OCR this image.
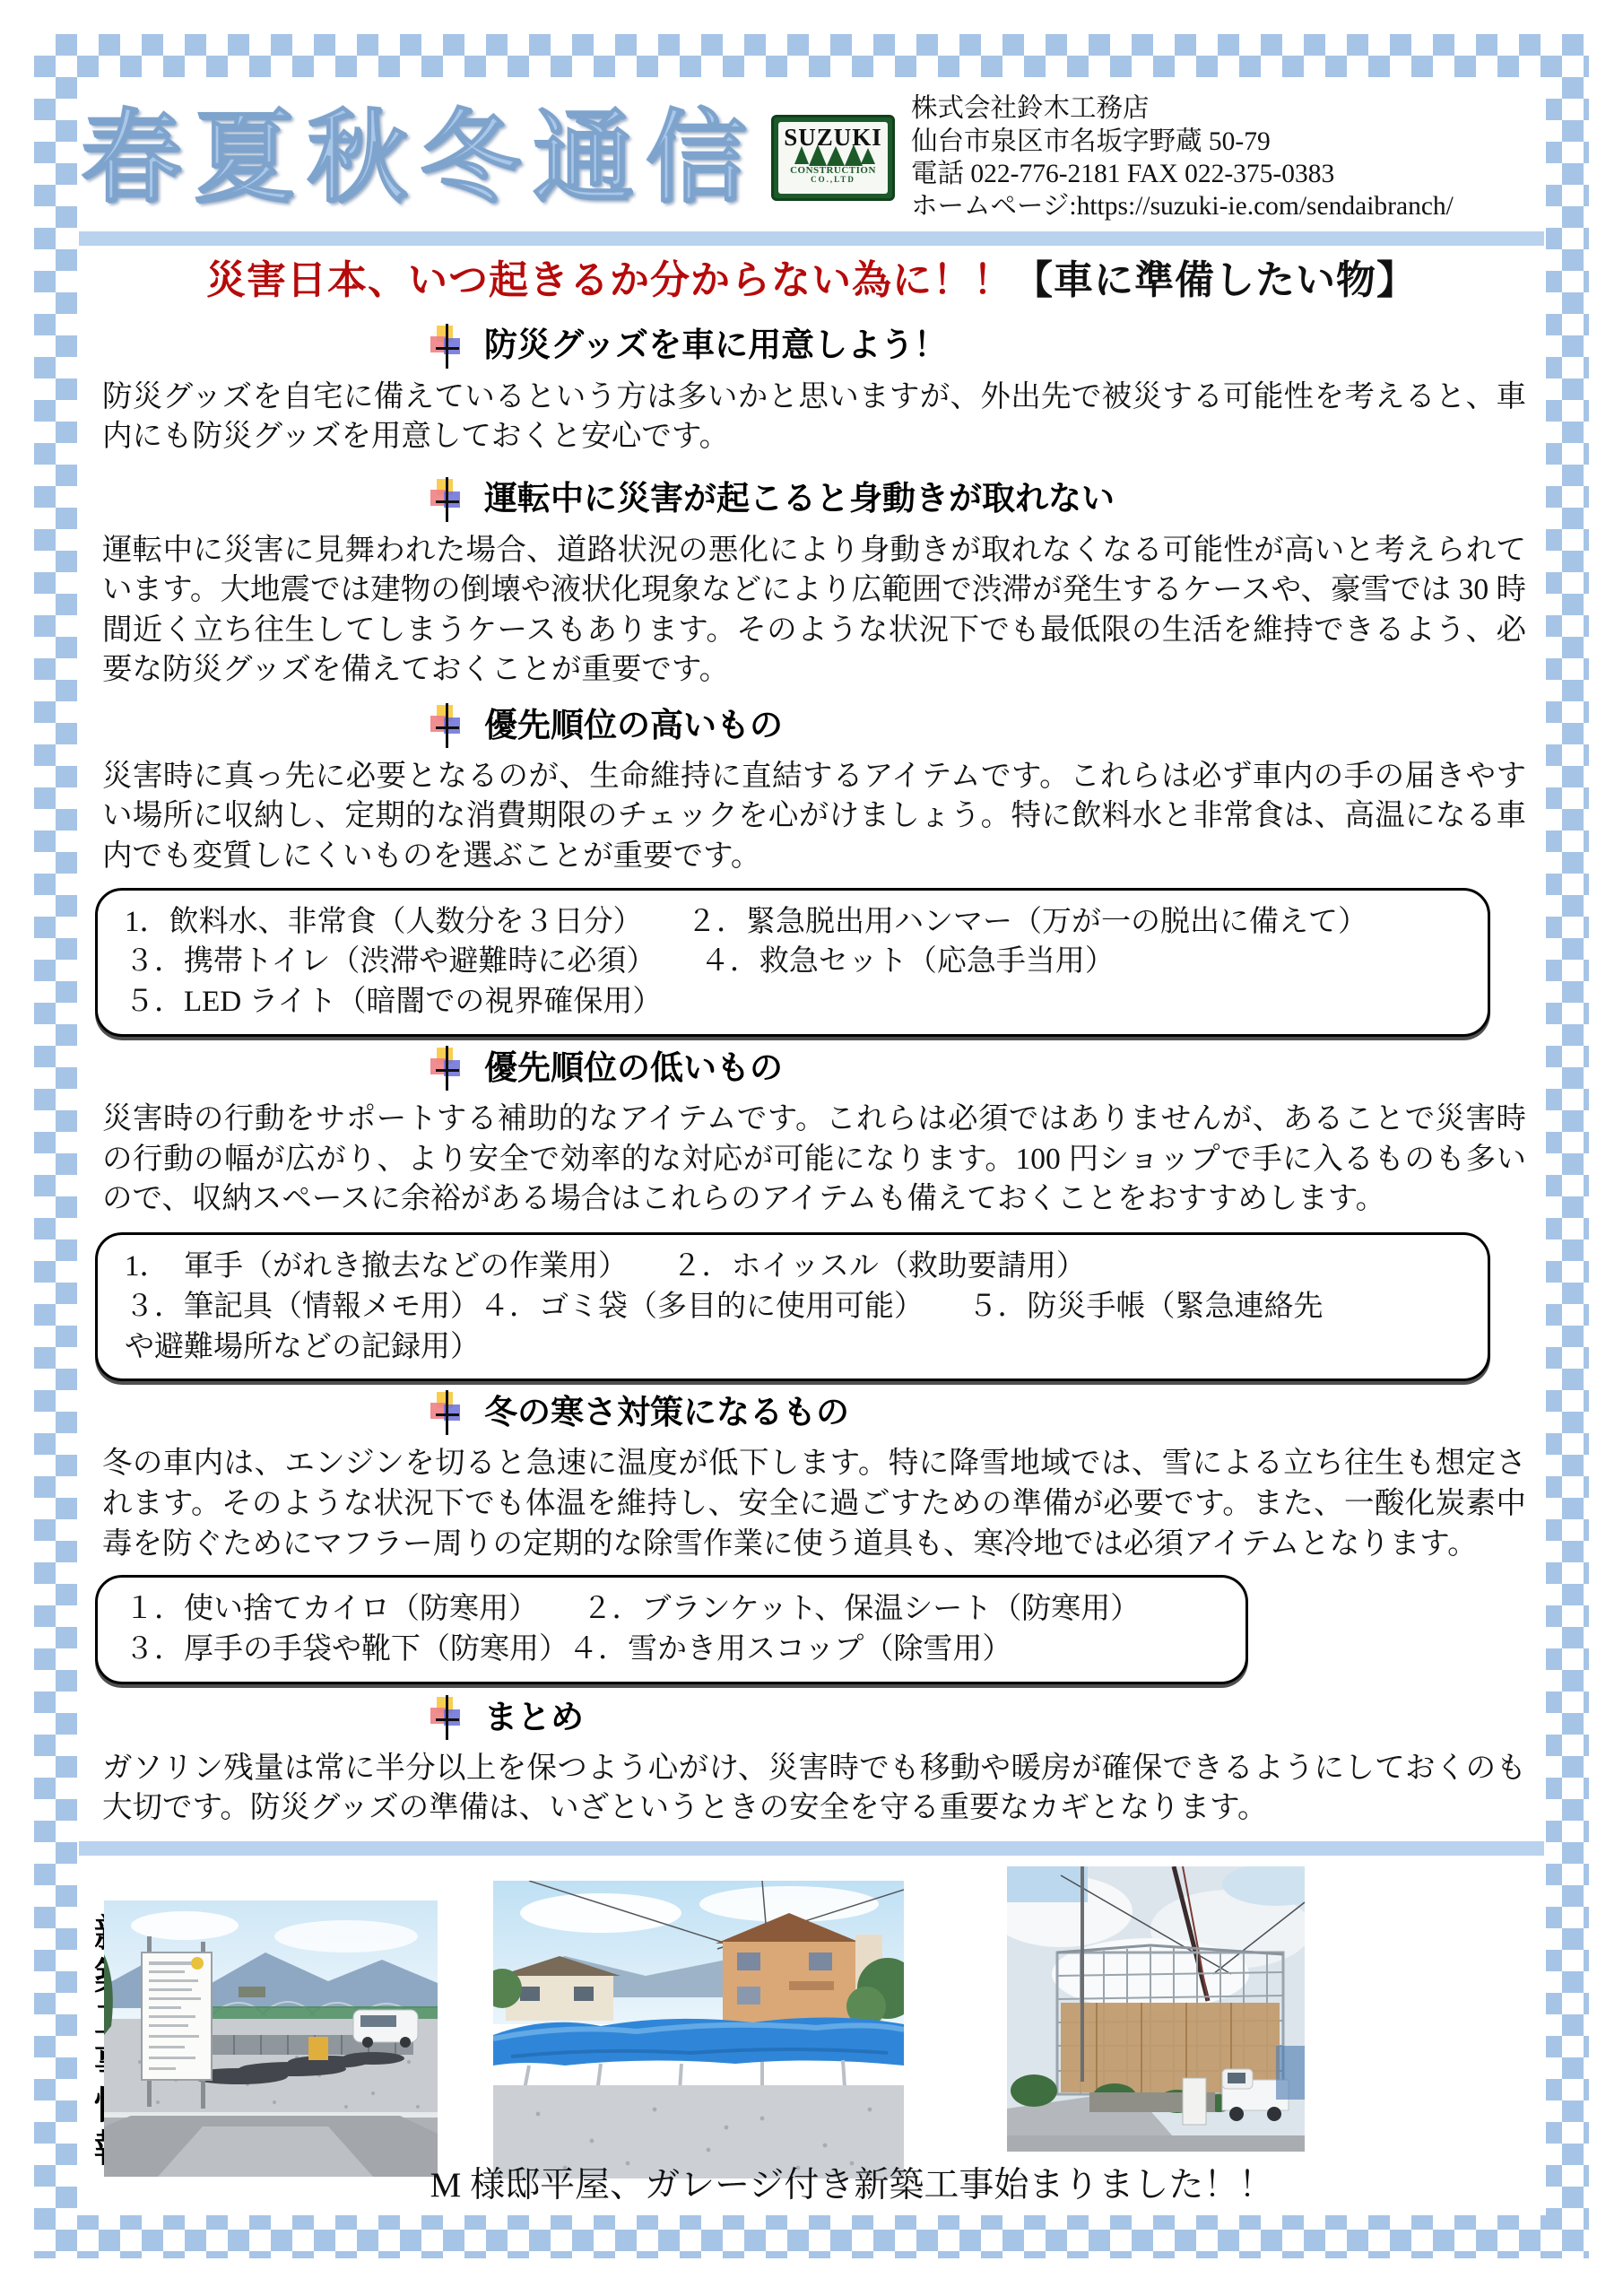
春夏秋冬通信 SUZUKI
CONSTRUCTION
CO.,LTD
株式会社鈴木工務店
仙台市泉区市名坂字野蔵 50-79
電話 022-776-2181 FAX 022-375-0383
ホームページ:https://suzuki-ie.com/sendaibranch/
災害日本、いつ起きるか分からない為に！！【車に準備したい物】
防災グッズを車に用意しよう！

防災グッズを自宅に備えているという方は多いかと思いますが、外出先で被災する可能性を考えると、車内にも防災グッズを用意しておくと安心です。

運転中に災害が起こると身動きが取れない

運転中に災害に見舞われた場合、道路状況の悪化により身動きが取れなくなる可能性が高いと考えられています。大地震では建物の倒壊や液状化現象などにより広範囲で渋滞が発生するケースや、豪雪では 30 時間近く立ち往生してしまうケースもあります。そのような状況下でも最低限の生活を維持できるよう、必要な防災グッズを備えておくことが重要です。

優先順位の高いもの

災害時に真っ先に必要となるのが、生命維持に直結するアイテムです。これらは必ず車内の手の届きやすい場所に収納し、定期的な消費期限のチェックを心がけましょう。特に飲料水と非常食は、高温になる車内でも変質しにくいものを選ぶことが重要です。

1．飲料水、非常食（人数分を３日分）　　２．緊急脱出用ハンマー（万が一の脱出に備えて）
３．携帯トイレ（渋滞や避難時に必須）　　４．救急セット（応急手当用）
５．LED ライト（暗闇での視界確保用）
優先順位の低いもの

災害時の行動をサポートする補助的なアイテムです。これらは必須ではありませんが、あることで災害時の行動の幅が広がり、より安全で効率的な対応が可能になります。100 円ショップで手に入るものも多いので、収納スペースに余裕がある場合はこれらのアイテムも備えておくことをおすすめします。

1．　軍手（がれき撤去などの作業用）　　２．ホイッスル（救助要請用）
３．筆記具（情報メモ用）４．ゴミ袋（多目的に使用可能）　　５．防災手帳（緊急連絡先
や避難場所などの記録用）
冬の寒さ対策になるもの

冬の車内は、エンジンを切ると急速に温度が低下します。特に降雪地域では、雪による立ち往生も想定されます。そのような状況下でも体温を維持し、安全に過ごすための準備が必要です。また、一酸化炭素中毒を防ぐためにマフラー周りの定期的な除雪作業に使う道具も、寒冷地では必須アイテムとなります。

１．使い捨てカイロ（防寒用）　　２．ブランケット、保温シート（防寒用）
３．厚手の手袋や靴下（防寒用）４．雪かき用スコップ（除雪用）
まとめ

ガソリン残量は常に半分以上を保つよう心がけ、災害時でも移動や暖房が確保できるようにしておくのも大切です。防災グッズの準備は、いざというときの安全を守る重要なカギとなります。

M 様邸平屋、ガレージ付き新築工事始まりました！！
